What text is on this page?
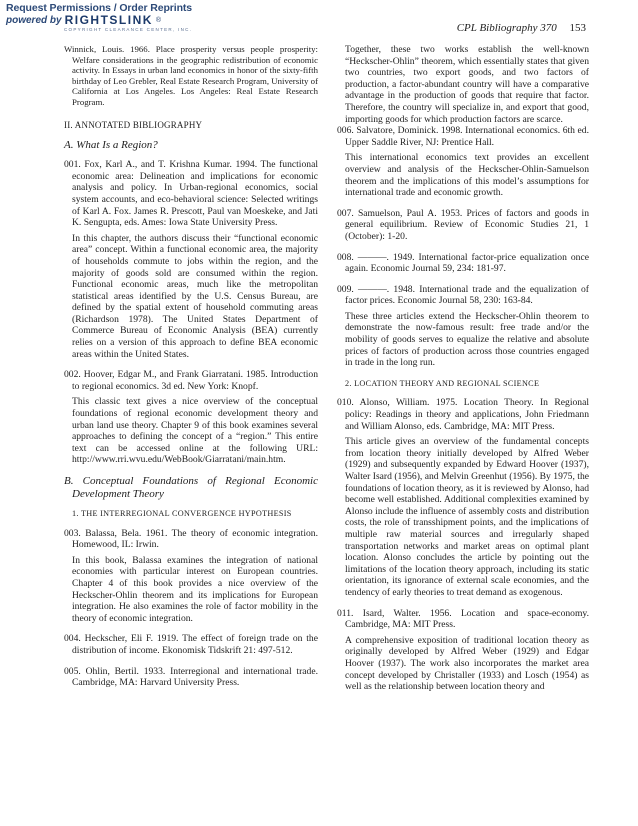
Request Permissions / Order Reprints
powered by RIGHTSLINK ®
COPYRIGHT CLEARANCE CENTER, INC.	CPL Bibliography 370 153

Winnick, Louis. 1966. Place prosperity versus people prosperity: Welfare considerations in the geographic redistribution of economic activity. In Essays in urban land economics in honor of the sixty-fifth birthday of Leo Grebler, Real Estate Research Program, University of California at Los Angeles. Los Angeles: Real Estate Research Program.

II. ANNOTATED BIBLIOGRAPHY
A. What Is a Region?

001. Fox, Karl A., and T. Krishna Kumar. 1994. The functional economic area: Delineation and implications for economic analysis and policy. In Urban-regional economics, social system accounts, and eco-behavioral science: Selected writings of Karl A. Fox. James R. Prescott, Paul van Moeskeke, and Jati K. Sengupta, eds. Ames: Iowa State University Press.

In this chapter, the authors discuss their “functional economic area” concept. Within a functional economic area, the majority of households commute to jobs within the region, and the majority of goods sold are consumed within the region. Functional economic areas, much like the metropolitan statistical areas identified by the U.S. Census Bureau, are defined by the spatial extent of household commuting areas (Richardson 1978). The United States Department of Commerce Bureau of Economic Analysis (BEA) currently relies on a version of this approach to define BEA economic areas within the United States.

002. Hoover, Edgar M., and Frank Giarratani. 1985. Introduction to regional economics. 3d ed. New York: Knopf.

This classic text gives a nice overview of the conceptual foundations of regional economic development theory and urban land use theory. Chapter 9 of this book examines several approaches to defining the concept of a “region.” This entire text can be accessed online at the following URL: http://www.rri.wvu.edu/WebBook/Giarratani/main.htm.

B. Conceptual Foundations of Regional Economic Development Theory

1. THE INTERREGIONAL CONVERGENCE HYPOTHESIS

003. Balassa, Bela. 1961. The theory of economic integration. Homewood, IL: Irwin.

In this book, Balassa examines the integration of national economies with particular interest on European countries. Chapter 4 of this book provides a nice overview of the Heckscher-Ohlin theorem and its implications for European integration. He also examines the role of factor mobility in the theory of economic integration.

004. Heckscher, Eli F. 1919. The effect of foreign trade on the distribution of income. Ekonomisk Tidskrift 21: 497-512.

005. Ohlin, Bertil. 1933. Interregional and international trade. Cambridge, MA: Harvard University Press.

Together, these two works establish the well-known “Heckscher-Ohlin” theorem, which essentially states that given two countries, two export goods, and two factors of production, a factor-abundant country will have a comparative advantage in the production of goods that require that factor. Therefore, the country will specialize in, and export that good, importing goods for which production factors are scarce.

006. Salvatore, Dominick. 1998. International economics. 6th ed. Upper Saddle River, NJ: Prentice Hall.

This international economics text provides an excellent overview and analysis of the Heckscher-Ohlin-Samuelson theorem and the implications of this model’s assumptions for international trade and economic growth.

007. Samuelson, Paul A. 1953. Prices of factors and goods in general equilibrium. Review of Economic Studies 21, 1 (October): 1-20.

008. ———. 1949. International factor-price equalization once again. Economic Journal 59, 234: 181-97.

009. ———. 1948. International trade and the equalization of factor prices. Economic Journal 58, 230: 163-84.

These three articles extend the Heckscher-Ohlin theorem to demonstrate the now-famous result: free trade and/or the mobility of goods serves to equalize the relative and absolute prices of factors of production across those countries engaged in trade in the long run.

2. LOCATION THEORY AND REGIONAL SCIENCE

010. Alonso, William. 1975. Location Theory. In Regional policy: Readings in theory and applications, John Friedmann and William Alonso, eds. Cambridge, MA: MIT Press.

This article gives an overview of the fundamental concepts from location theory initially developed by Alfred Weber (1929) and subsequently expanded by Edward Hoover (1937), Walter Isard (1956), and Melvin Greenhut (1956). By 1975, the foundations of location theory, as it is reviewed by Alonso, had become well established. Additional complexities examined by Alonso include the influence of assembly costs and distribution costs, the role of transshipment points, and the implications of multiple raw material sources and irregularly shaped transportation networks and market areas on optimal plant location. Alonso concludes the article by pointing out the limitations of the location theory approach, including its static orientation, its ignorance of external scale economies, and the tendency of early theories to treat demand as exogenous.

011. Isard, Walter. 1956. Location and space-economy. Cambridge, MA: MIT Press.

A comprehensive exposition of traditional location theory as originally developed by Alfred Weber (1929) and Edgar Hoover (1937). The work also incorporates the market area concept developed by Christaller (1933) and Losch (1954) as well as the relationship between location theory and
